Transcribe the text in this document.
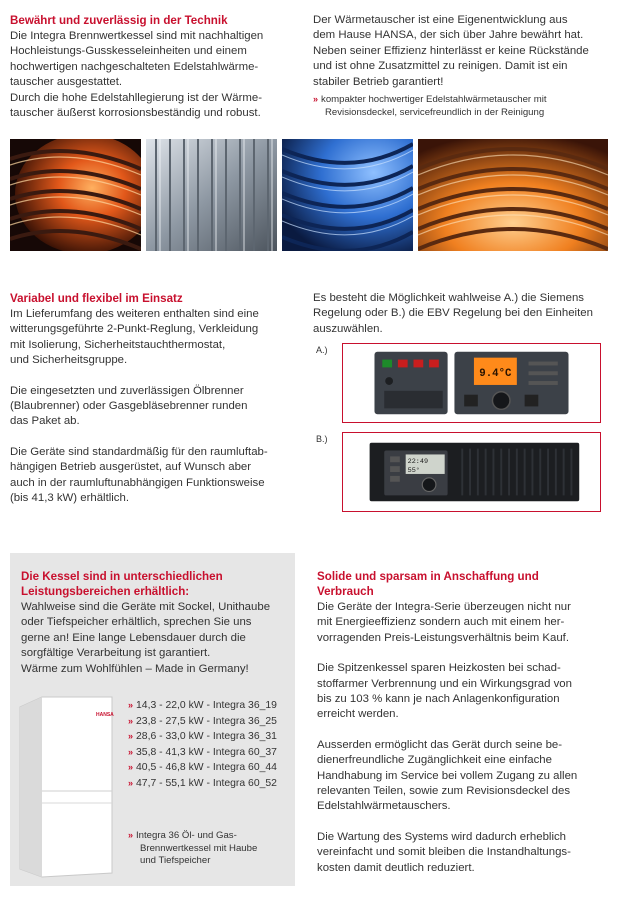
Bewährt und zuverlässig in der Technik
Die Integra Brennwertkessel sind mit nachhaltigen
Hochleistungs-Gusskesseleinheiten und einem
hochwertigen nachgeschalteten Edelstahlwärme-
tauscher ausgestattet.
Durch die hohe Edelstahllegierung ist der Wärme-
tauscher äußerst korrosionsbeständig und robust.
Der Wärmetauscher ist eine Eigenentwicklung aus
dem Hause HANSA, der sich über Jahre bewährt hat.
Neben seiner Effizienz hinterlässt er keine Rückstände
und ist ohne Zusatzmittel zu reinigen. Damit ist ein
stabiler Betrieb garantiert!
» kompakter hochwertiger Edelstahlwärmetauscher mit
Revisionsdeckel, servicefreundlich in der Reinigung
Variabel und flexibel im Einsatz
Im Lieferumfang des weiteren enthalten sind eine
witterungsgeführte 2-Punkt-Reglung, Verkleidung
mit Isolierung, Sicherheitstauchthermostat,
und Sicherheitsgruppe.
Die eingesetzten und zuverlässigen Ölbrenner
(Blaubrenner) oder Gasgebläsebrenner runden
das Paket ab.
Die Geräte sind standardmäßig für den raumluftab-
hängigen Betrieb ausgerüstet, auf Wunsch aber
auch in der raumluftunabhängigen Funktionsweise
(bis 41,3 kW) erhältlich.
Es besteht die Möglichkeit wahlweise A.) die Siemens
Regelung oder B.) die EBV Regelung bei den Einheiten
auszuwählen.
A.)
9.4°C
B.)
22:49
55°
Die Kessel sind in unterschiedlichen
Leistungsbereichen erhältlich:
Wahlweise sind die Geräte mit Sockel, Unithaube
oder Tiefspeicher erhältlich, sprechen Sie uns
gerne an! Eine lange Lebensdauer durch die
sorgfältige Verarbeitung ist garantiert.
Wärme zum Wohlfühlen – Made in Germany!
HANSA
» 14,3 - 22,0 kW - Integra 36_19
» 23,8 - 27,5 kW - Integra 36_25
» 28,6 - 33,0 kW - Integra 36_31
» 35,8 - 41,3 kW - Integra 60_37
» 40,5 - 46,8 kW - Integra 60_44
» 47,7 - 55,1 kW - Integra 60_52
» Integra 36 Öl- und Gas-
Brennwertkessel mit Haube
und Tiefspeicher
Solide und sparsam in Anschaffung und
Verbrauch
Die Geräte der Integra-Serie überzeugen nicht nur
mit Energieeffizienz sondern auch mit einem her-
vorragenden Preis-Leistungsverhältnis beim Kauf.
Die Spitzenkessel sparen Heizkosten bei schad-
stoffarmer Verbrennung und ein Wirkungsgrad von
bis zu 103 % kann je nach Anlagenkonfiguration
erreicht werden.
Ausserden ermöglicht das Gerät durch seine be-
dienerfreundliche Zugänglichkeit eine einfache
Handhabung im Service bei vollem Zugang zu allen
relevanten Teilen, sowie zum Revisionsdeckel des
Edelstahlwärmetauschers.
Die Wartung des Systems wird dadurch erheblich
vereinfacht und somit bleiben die Instandhaltungs-
kosten damit deutlich reduziert.
